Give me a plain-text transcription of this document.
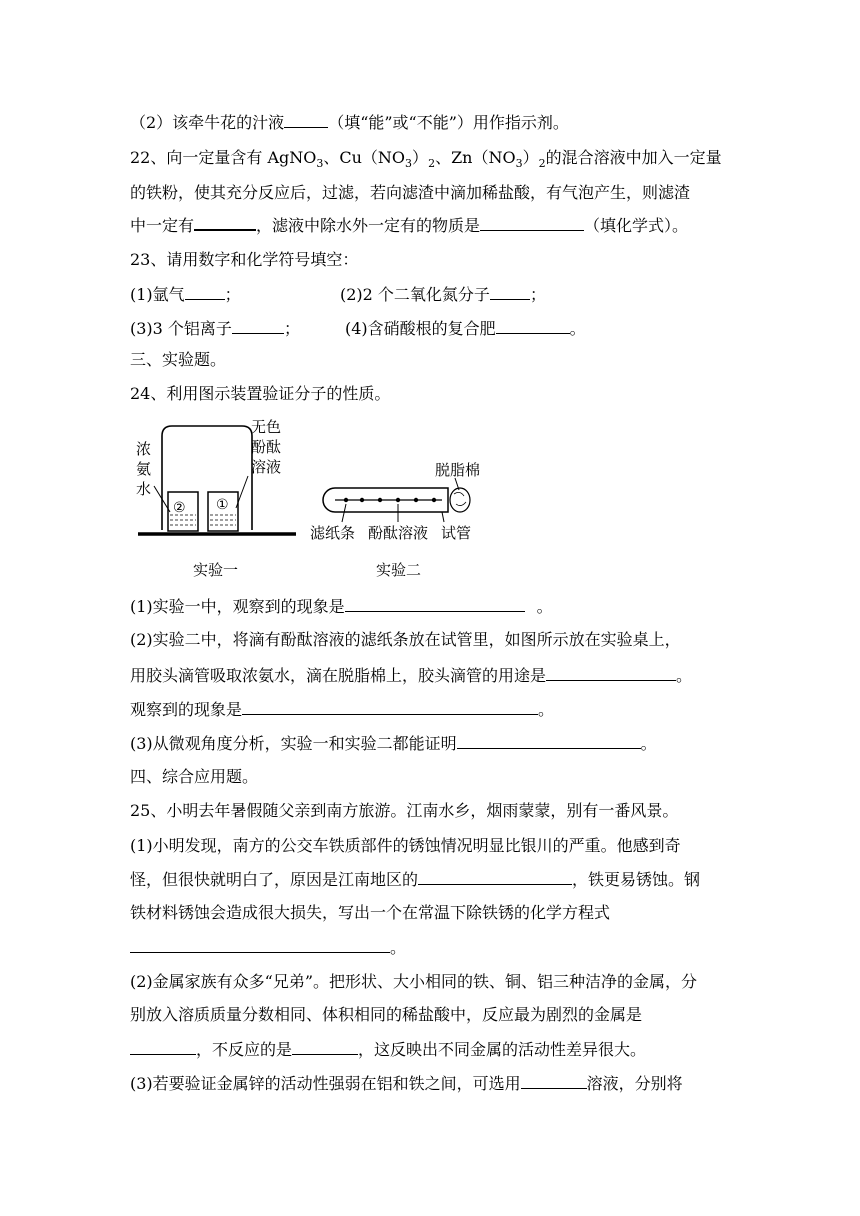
（2）该牵牛花的汁液	（填“能”或“不能”）用作指示剂。
22、向一定量含有 AgNO$_3$、$Cu(NO_3)_2$、$Zn(NO_3)_2$的混合溶液中加入一定量
的铁粉，使其充分反应后，过滤，若向滤渣中滴加稀盐酸，有气泡产生，则滤渣
中一定有	，滤液中除水外一定有的物质是	（填化学式）。
23、请用数字和化学符号填空：
(1)氩气	；	(2)2 个二氧化氮分子	；
(3)3 个铝离子	；	(4)含硝酸根的复合肥	。
三、实验题。
24、利用图示装置验证分子的性质。
② ①
浓
氨
水
无色
酚酞
溶液
实验一
脱脂棉
滤纸条 酚酞溶液 试管
实验二
(1)实验一中，观察到的现象是	。
(2)实验二中，将滴有酚酞溶液的滤纸条放在试管里，如图所示放在实验桌上，
用胶头滴管吸取浓氨水，滴在脱脂棉上，胶头滴管的用途是	。
观察到的现象是	。
(3)从微观角度分析，实验一和实验二都能证明	。
四、综合应用题。
25、小明去年暑假随父亲到南方旅游。江南水乡，烟雨蒙蒙，别有一番风景。
(1)小明发现，南方的公交车铁质部件的锈蚀情况明显比银川的严重。他感到奇
怪，但很快就明白了，原因是江南地区的	，铁更易锈蚀。钢
铁材料锈蚀会造成很大损失，写出一个在常温下除铁锈的化学方程式
。
(2)金属家族有众多“兄弟”。把形状、大小相同的铁、铜、铝三种洁净的金属，分
别放入溶质质量分数相同、体积相同的稀盐酸中，反应最为剧烈的金属是
，不反应的是	，这反映出不同金属的活动性差异很大。
(3)若要验证金属锌的活动性强弱在铝和铁之间，可选用	溶液，分别将
